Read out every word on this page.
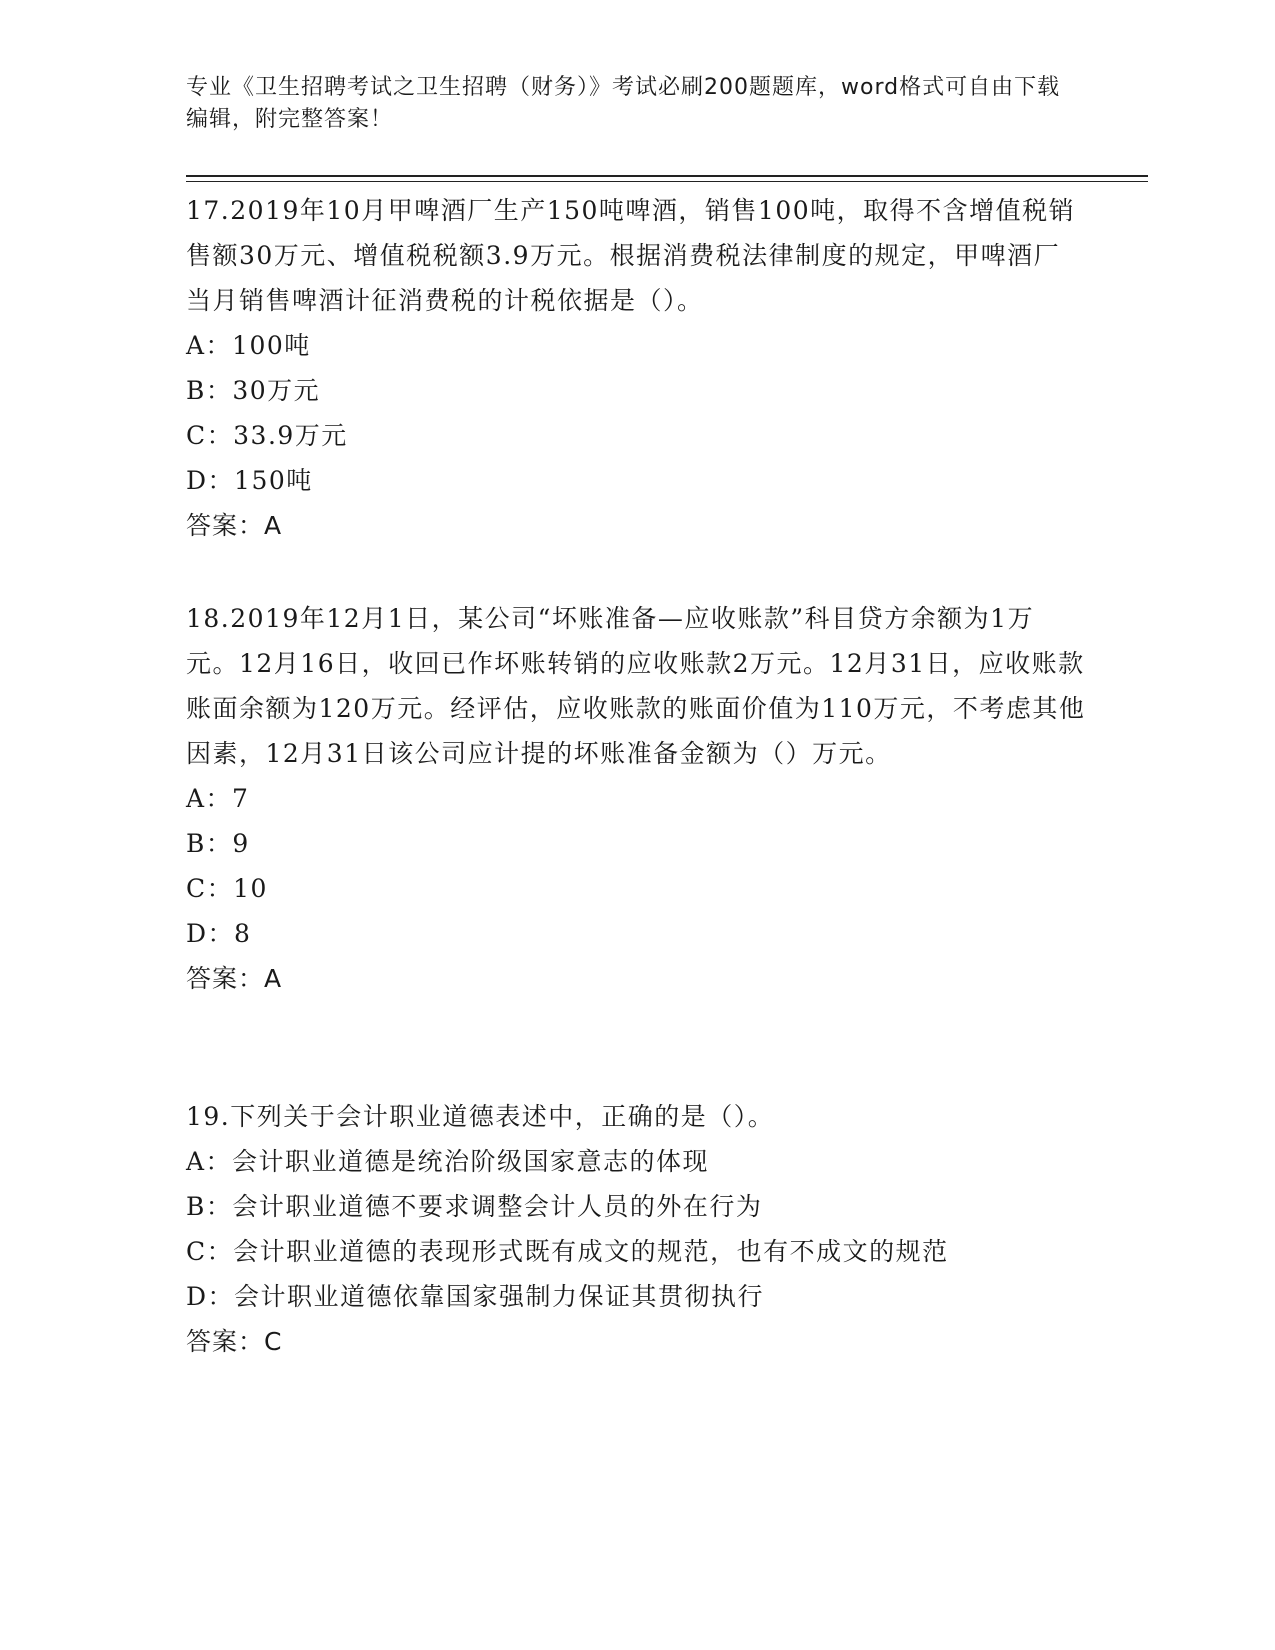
专业《卫生招聘考试之卫生招聘（财务）》考试必刷200题题库，word格式可自由下载编辑，附完整答案！

17.2019年10月甲啤酒厂生产150吨啤酒，销售100吨，取得不含增值税销售额30万元、增值税税额3.9万元。根据消费税法律制度的规定，甲啤酒厂当月销售啤酒计征消费税的计税依据是（）。

A：100吨

B：30万元

C：33.9万元

D：150吨

答案：A

18.2019年12月1日，某公司“坏账准备—应收账款”科目贷方余额为1万元。12月16日，收回已作坏账转销的应收账款2万元。12月31日，应收账款账面余额为120万元。经评估，应收账款的账面价值为110万元，不考虑其他因素，12月31日该公司应计提的坏账准备金额为（）万元。

A：7

B：9

C：10

D：8

答案：A

19.下列关于会计职业道德表述中，正确的是（）。

A：会计职业道德是统治阶级国家意志的体现

B：会计职业道德不要求调整会计人员的外在行为

C：会计职业道德的表现形式既有成文的规范，也有不成文的规范

D：会计职业道德依靠国家强制力保证其贯彻执行

答案：C
